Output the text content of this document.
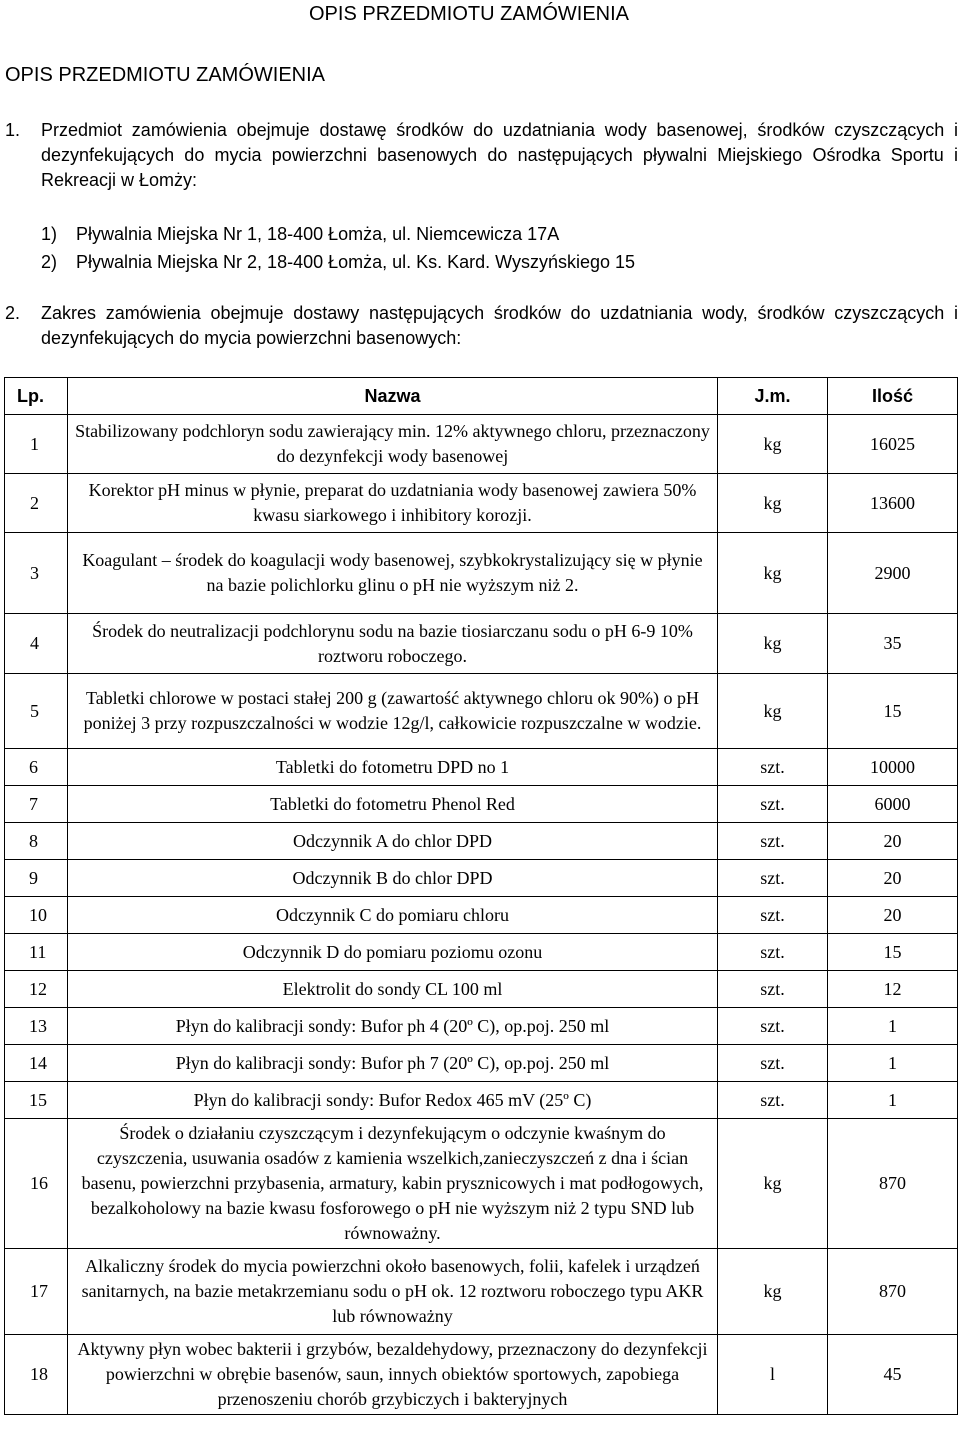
OPIS PRZEDMIOTU ZAMÓWIENIA
OPIS PRZEDMIOTU ZAMÓWIENIA
1. Przedmiot zamówienia obejmuje dostawę środków do uzdatniania wody basenowej, środków czyszczących i dezynfekujących do mycia powierzchni basenowych do następujących pływalni Miejskiego Ośrodka Sportu i Rekreacji w Łomży:
1) Pływalnia Miejska Nr 1, 18-400 Łomża, ul. Niemcewicza 17A
2) Pływalnia Miejska Nr 2, 18-400 Łomża, ul. Ks. Kard. Wyszyńskiego 15
2. Zakres zamówienia obejmuje dostawy następujących środków do uzdatniania wody, środków czyszczących i dezynfekujących do mycia powierzchni basenowych:
Lp.	Nazwa	J.m.	Ilość
1	Stabilizowany podchloryn sodu zawierający min. 12% aktywnego chloru, przeznaczony do dezynfekcji wody basenowej	kg	16025
2	Korektor pH minus w płynie, preparat do uzdatniania wody basenowej zawiera 50% kwasu siarkowego i inhibitory korozji.	kg	13600
3	Koagulant – środek do koagulacji wody basenowej, szybkokrystalizujący się w płynie na bazie polichlorku glinu o pH nie wyższym niż 2.	kg	2900
4	Środek do neutralizacji podchlorynu sodu na bazie tiosiarczanu sodu o pH 6-9 10% roztworu roboczego.	kg	35
5	Tabletki chlorowe w postaci stałej 200 g (zawartość aktywnego chloru ok 90%) o pH poniżej 3 przy rozpuszczalności w wodzie 12g/l, całkowicie rozpuszczalne w wodzie.	kg	15
6	Tabletki do fotometru DPD no 1	szt.	10000
7	Tabletki do fotometru Phenol Red	szt.	6000
8	Odczynnik A do chlor DPD	szt.	20
9	Odczynnik B do chlor DPD	szt.	20
10	Odczynnik C do pomiaru chloru	szt.	20
11	Odczynnik D do pomiaru poziomu ozonu	szt.	15
12	Elektrolit do sondy CL 100 ml	szt.	12
13	Płyn do kalibracji sondy: Bufor ph 4 (20º C), op.poj. 250 ml	szt.	1
14	Płyn do kalibracji sondy: Bufor ph 7 (20º C), op.poj. 250 ml	szt.	1
15	Płyn do kalibracji sondy: Bufor Redox 465 mV (25º C)	szt.	1
16	Środek o działaniu czyszczącym i dezynfekującym o odczynie kwaśnym do czyszczenia, usuwania osadów z kamienia wszelkich,zanieczyszczeń z dna i ścian basenu, powierzchni przybasenia, armatury, kabin prysznicowych i mat podłogowych, bezalkoholowy na bazie kwasu fosforowego o pH nie wyższym niż 2 typu SND lub równoważny.	kg	870
17	Alkaliczny środek do mycia powierzchni około basenowych, folii, kafelek i urządzeń sanitarnych, na bazie metakrzemianu sodu o pH ok. 12 roztworu roboczego typu AKR lub równoważny	kg	870
18	Aktywny płyn wobec bakterii i grzybów, bezaldehydowy, przeznaczony do dezynfekcji powierzchni w obrębie basenów, saun, innych obiektów sportowych, zapobiega przenoszeniu chorób grzybiczych i bakteryjnych	l	45
